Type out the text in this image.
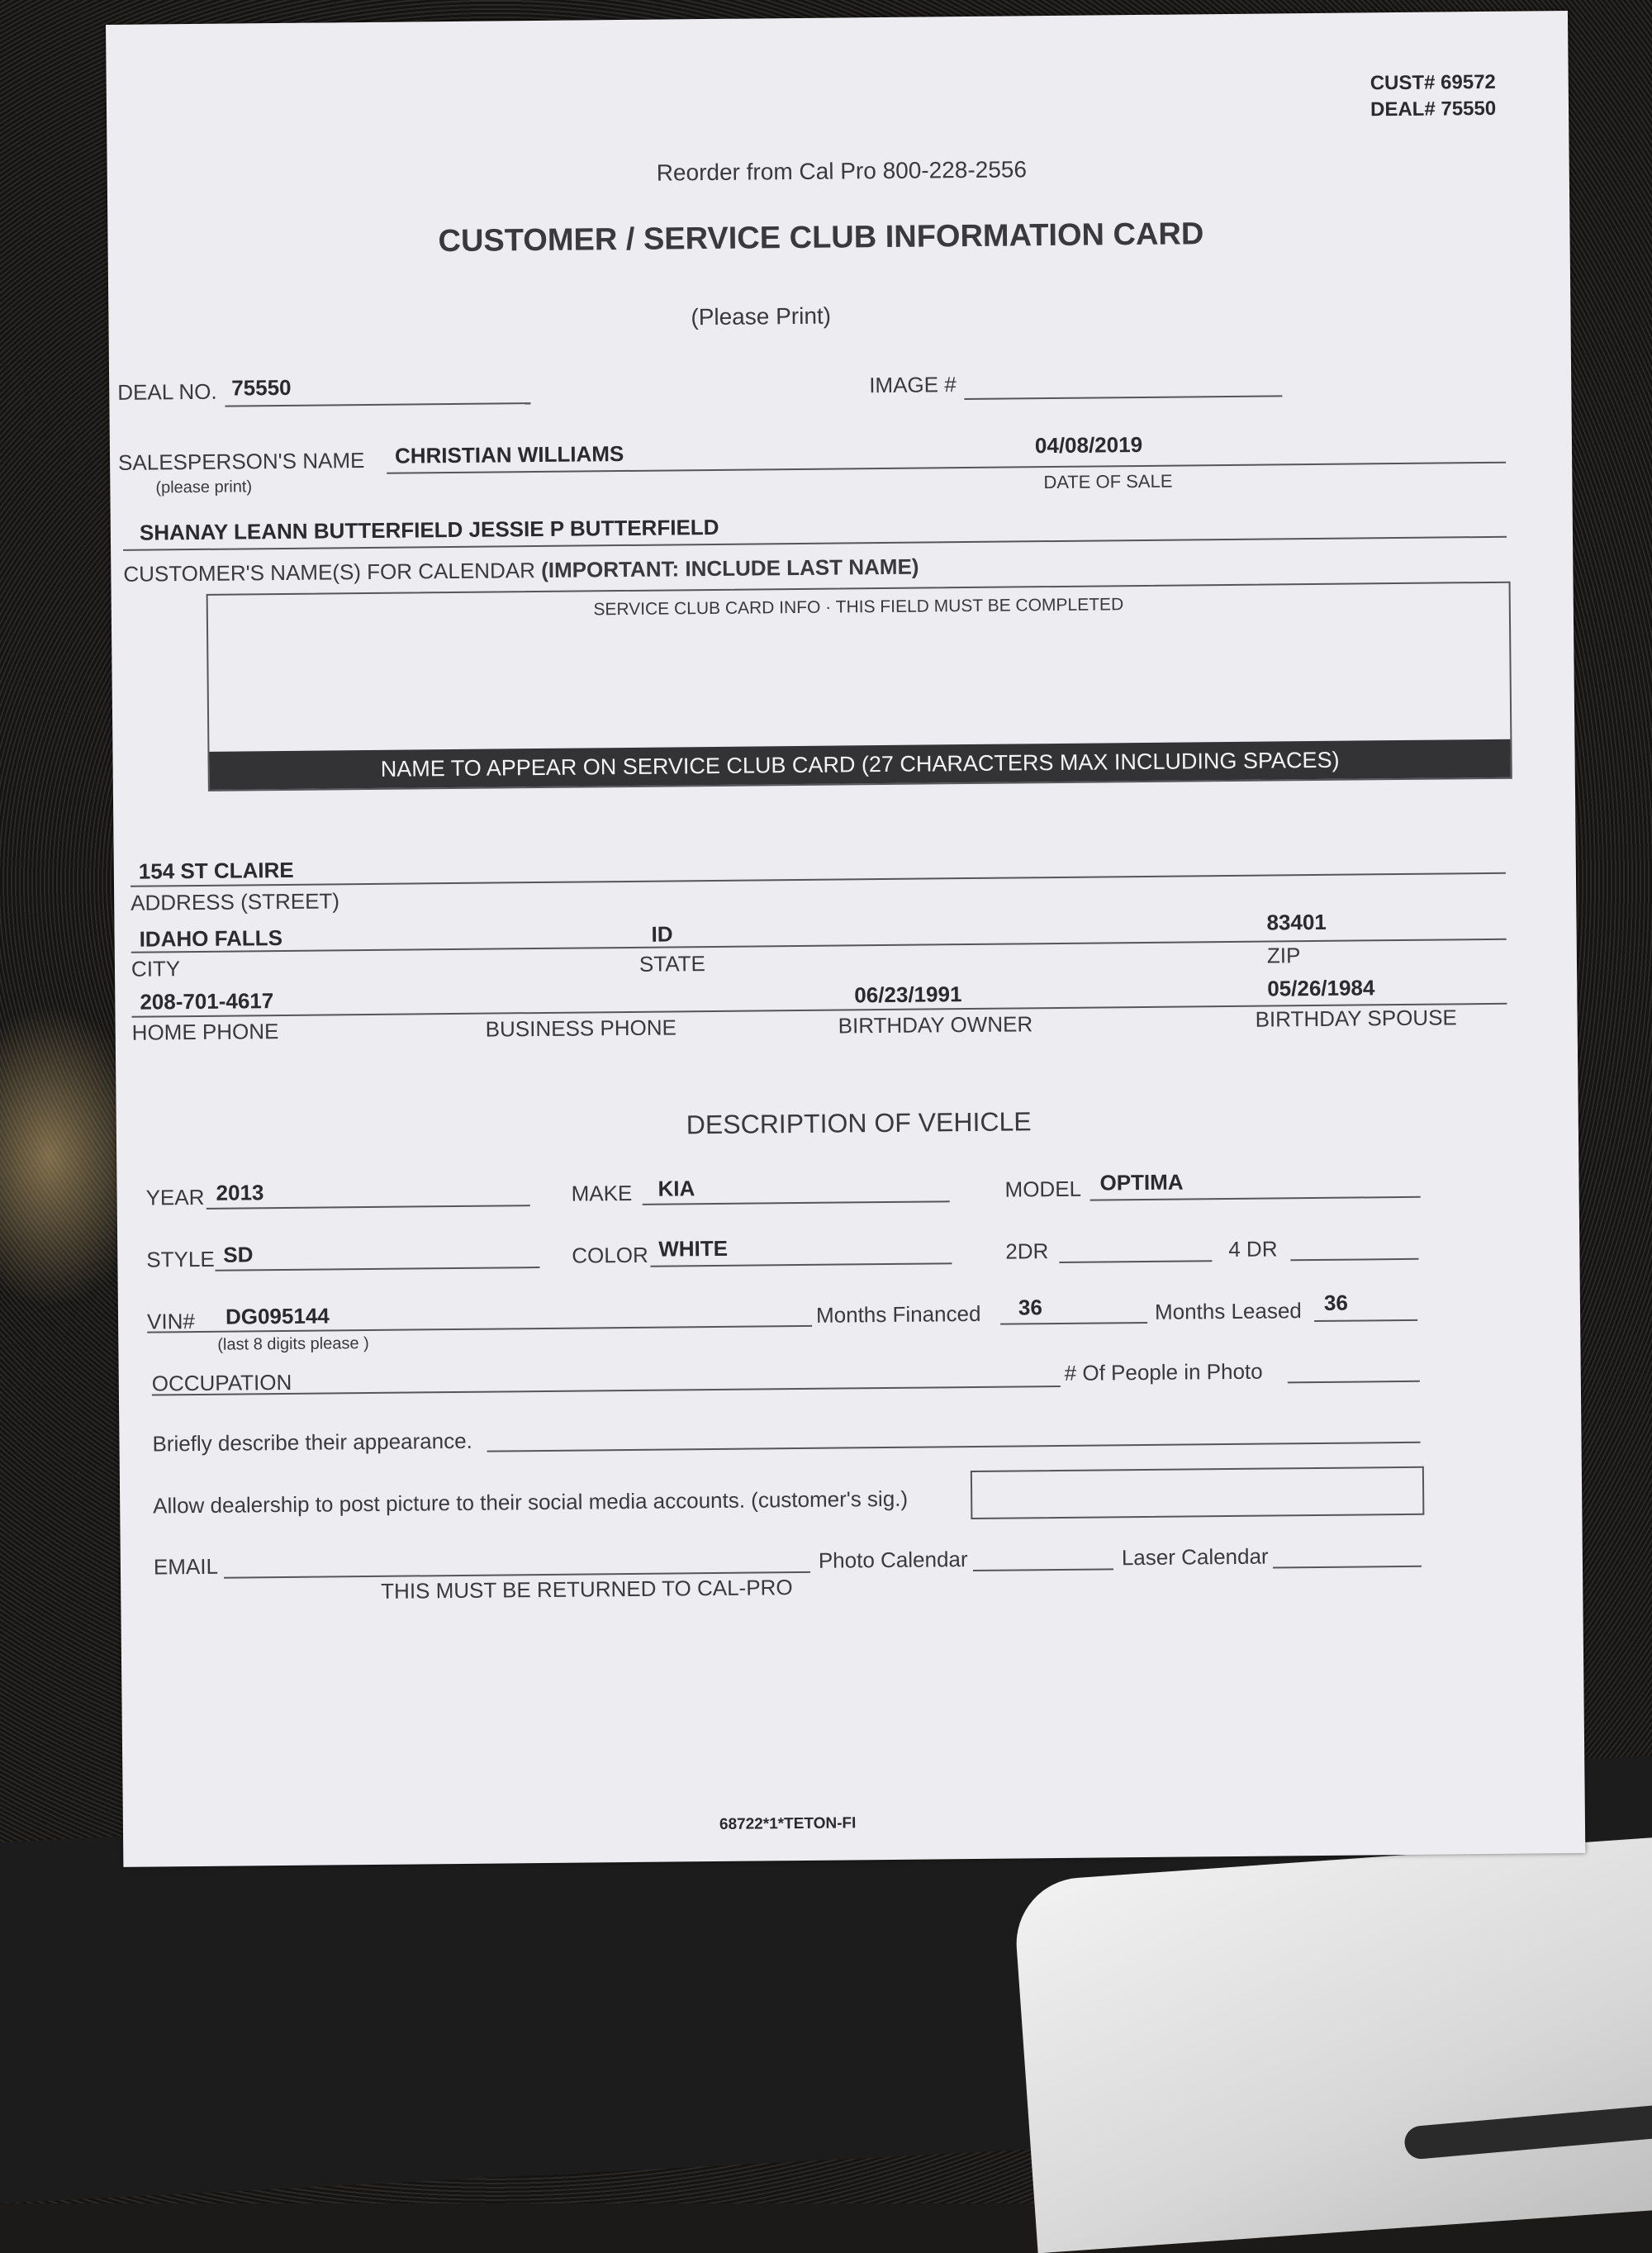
CUST# 69572
DEAL# 75550
Reorder from Cal Pro 800-228-2556
CUSTOMER / SERVICE CLUB INFORMATION CARD
(Please Print)
DEAL NO. 75550	IMAGE #
SALESPERSON'S NAME
(please print)
CHRISTIAN WILLIAMS	04/08/2019
DATE OF SALE
SHANAY LEANN BUTTERFIELD JESSIE P BUTTERFIELD
CUSTOMER'S NAME(S) FOR CALENDAR (IMPORTANT: INCLUDE LAST NAME)
SERVICE CLUB CARD INFO · THIS FIELD MUST BE COMPLETED
NAME TO APPEAR ON SERVICE CLUB CARD (27 CHARACTERS MAX INCLUDING SPACES)
154 ST CLAIRE
ADDRESS (STREET)
IDAHO FALLS
CITY
ID
STATE
83401
ZIP
208-701-4617
HOME PHONE	BUSINESS PHONE
06/23/1991
BIRTHDAY OWNER
05/26/1984
BIRTHDAY SPOUSE
DESCRIPTION OF VEHICLE
YEAR 2013	MAKE KIA	MODEL OPTIMA
STYLE SD	COLOR WHITE	2DR	4 DR
VIN# DG095144
(last 8 digits please )
Months Financed 36	Months Leased 36
OCCUPATION	# Of People in Photo
Briefly describe their appearance.
Allow dealership to post picture to their social media accounts. (customer's sig.)
EMAIL	Photo Calendar	Laser Calendar
THIS MUST BE RETURNED TO CAL-PRO
68722*1*TETON-FI
